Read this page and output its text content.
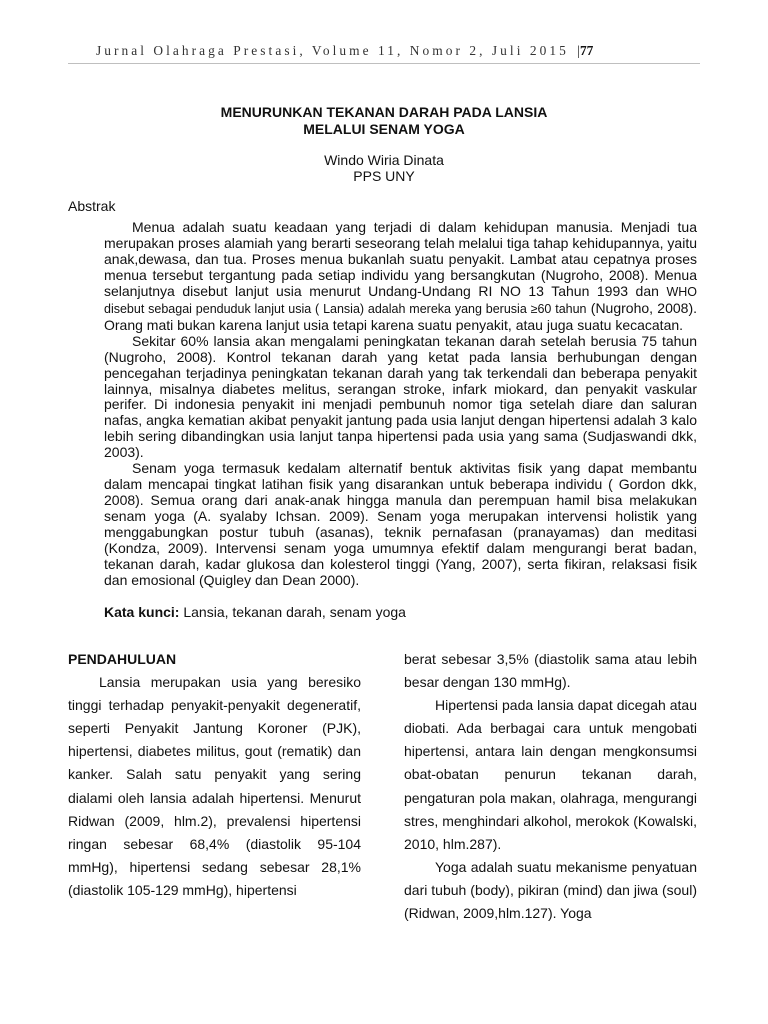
Jurnal Olahraga Prestasi, Volume 11, Nomor 2, Juli 2015 |77
MENURUNKAN TEKANAN DARAH PADA LANSIA
MELALUI SENAM YOGA
Windo Wiria Dinata
PPS UNY
Abstrak

Menua adalah suatu keadaan yang terjadi di dalam kehidupan manusia. Menjadi tua merupakan proses alamiah yang berarti seseorang telah melalui tiga tahap kehidupannya, yaitu anak,dewasa, dan tua. Proses menua bukanlah suatu penyakit. Lambat atau cepatnya proses menua tersebut tergantung pada setiap individu yang bersangkutan (Nugroho, 2008). Menua selanjutnya disebut lanjut usia menurut Undang-Undang RI NO 13 Tahun 1993 dan WHO disebut sebagai penduduk lanjut usia ( Lansia) adalah mereka yang berusia ≥60 tahun (Nugroho, 2008). Orang mati bukan karena lanjut usia tetapi karena suatu penyakit, atau juga suatu kecacatan.

Sekitar 60% lansia akan mengalami peningkatan tekanan darah setelah berusia 75 tahun (Nugroho, 2008). Kontrol tekanan darah yang ketat pada lansia berhubungan dengan pencegahan terjadinya peningkatan tekanan darah yang tak terkendali dan beberapa penyakit lainnya, misalnya diabetes melitus, serangan stroke, infark miokard, dan penyakit vaskular perifer. Di indonesia penyakit ini menjadi pembunuh nomor tiga setelah diare dan saluran nafas, angka kematian akibat penyakit jantung pada usia lanjut dengan hipertensi adalah 3 kalo lebih sering dibandingkan usia lanjut tanpa hipertensi pada usia yang sama (Sudjaswandi dkk, 2003).

Senam yoga termasuk kedalam alternatif bentuk aktivitas fisik yang dapat membantu dalam mencapai tingkat latihan fisik yang disarankan untuk beberapa individu ( Gordon dkk, 2008). Semua orang dari anak-anak hingga manula dan perempuan hamil bisa melakukan senam yoga (A. syalaby Ichsan. 2009). Senam yoga merupakan intervensi holistik yang menggabungkan postur tubuh (asanas), teknik pernafasan (pranayamas) dan meditasi (Kondza, 2009). Intervensi senam yoga umumnya efektif dalam mengurangi berat badan, tekanan darah, kadar glukosa dan kolesterol tinggi (Yang, 2007), serta fikiran, relaksasi fisik dan emosional (Quigley dan Dean 2000).

Kata kunci: Lansia, tekanan darah, senam yoga
PENDAHULUAN

Lansia merupakan usia yang beresiko tinggi terhadap penyakit-penyakit degeneratif, seperti Penyakit Jantung Koroner (PJK), hipertensi, diabetes militus, gout (rematik) dan kanker. Salah satu penyakit yang sering dialami oleh lansia adalah hipertensi. Menurut Ridwan (2009, hlm.2), prevalensi hipertensi ringan sebesar 68,4% (diastolik 95-104 mmHg), hipertensi sedang sebesar 28,1%(diastolik 105-129 mmHg), hipertensi

berat sebesar 3,5% (diastolik sama atau lebih besar dengan 130 mmHg).

Hipertensi pada lansia dapat dicegah atau diobati. Ada berbagai cara untuk mengobati hipertensi, antara lain dengan mengkonsumsi obat-obatan penurun tekanan darah, pengaturan pola makan, olahraga, mengurangi stres, menghindari alkohol, merokok (Kowalski, 2010, hlm.287).

Yoga adalah suatu mekanisme penyatuan dari tubuh (body), pikiran (mind) dan jiwa (soul) (Ridwan, 2009,hlm.127). Yoga
